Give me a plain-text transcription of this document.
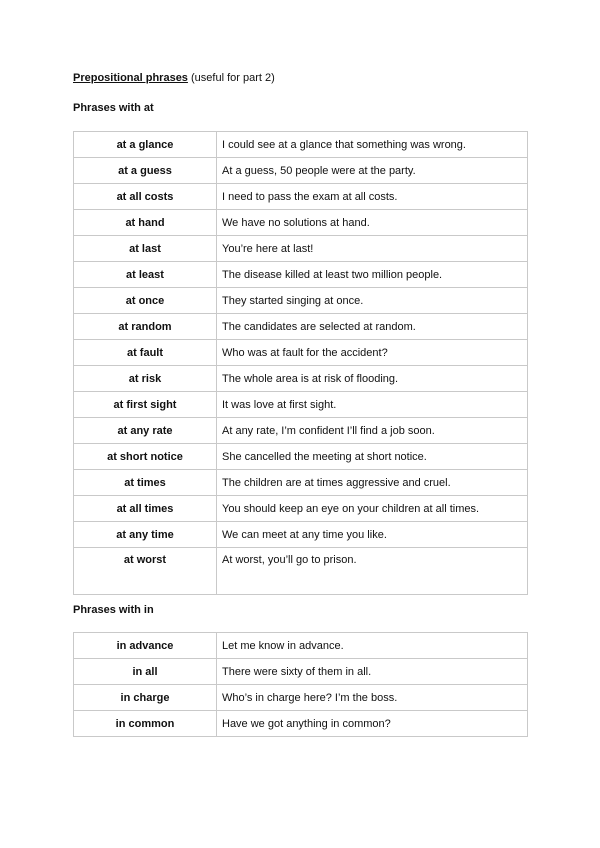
Prepositional phrases (useful for part 2)
Phrases with at
at a glance	I could see at a glance that something was wrong.
at a guess	At a guess, 50 people were at the party.
at all costs	I need to pass the exam at all costs.
at hand	We have no solutions at hand.
at last	You’re here at last!
at least	The disease killed at least two million people.
at once	They started singing at once.
at random	The candidates are selected at random.
at fault	Who was at fault for the accident?
at risk	The whole area is at risk of flooding.
at first sight	It was love at first sight.
at any rate	At any rate, I’m confident I’ll find a job soon.
at short notice	She cancelled the meeting at short notice.
at times	The children are at times aggressive and cruel.
at all times	You should keep an eye on your children at all times.
at any time	We can meet at any time you like.
at worst	At worst, you’ll go to prison.
Phrases with in
in advance	Let me know in advance.
in all	There were sixty of them in all.
in charge	Who’s in charge here? I’m the boss.
in common	Have we got anything in common?
